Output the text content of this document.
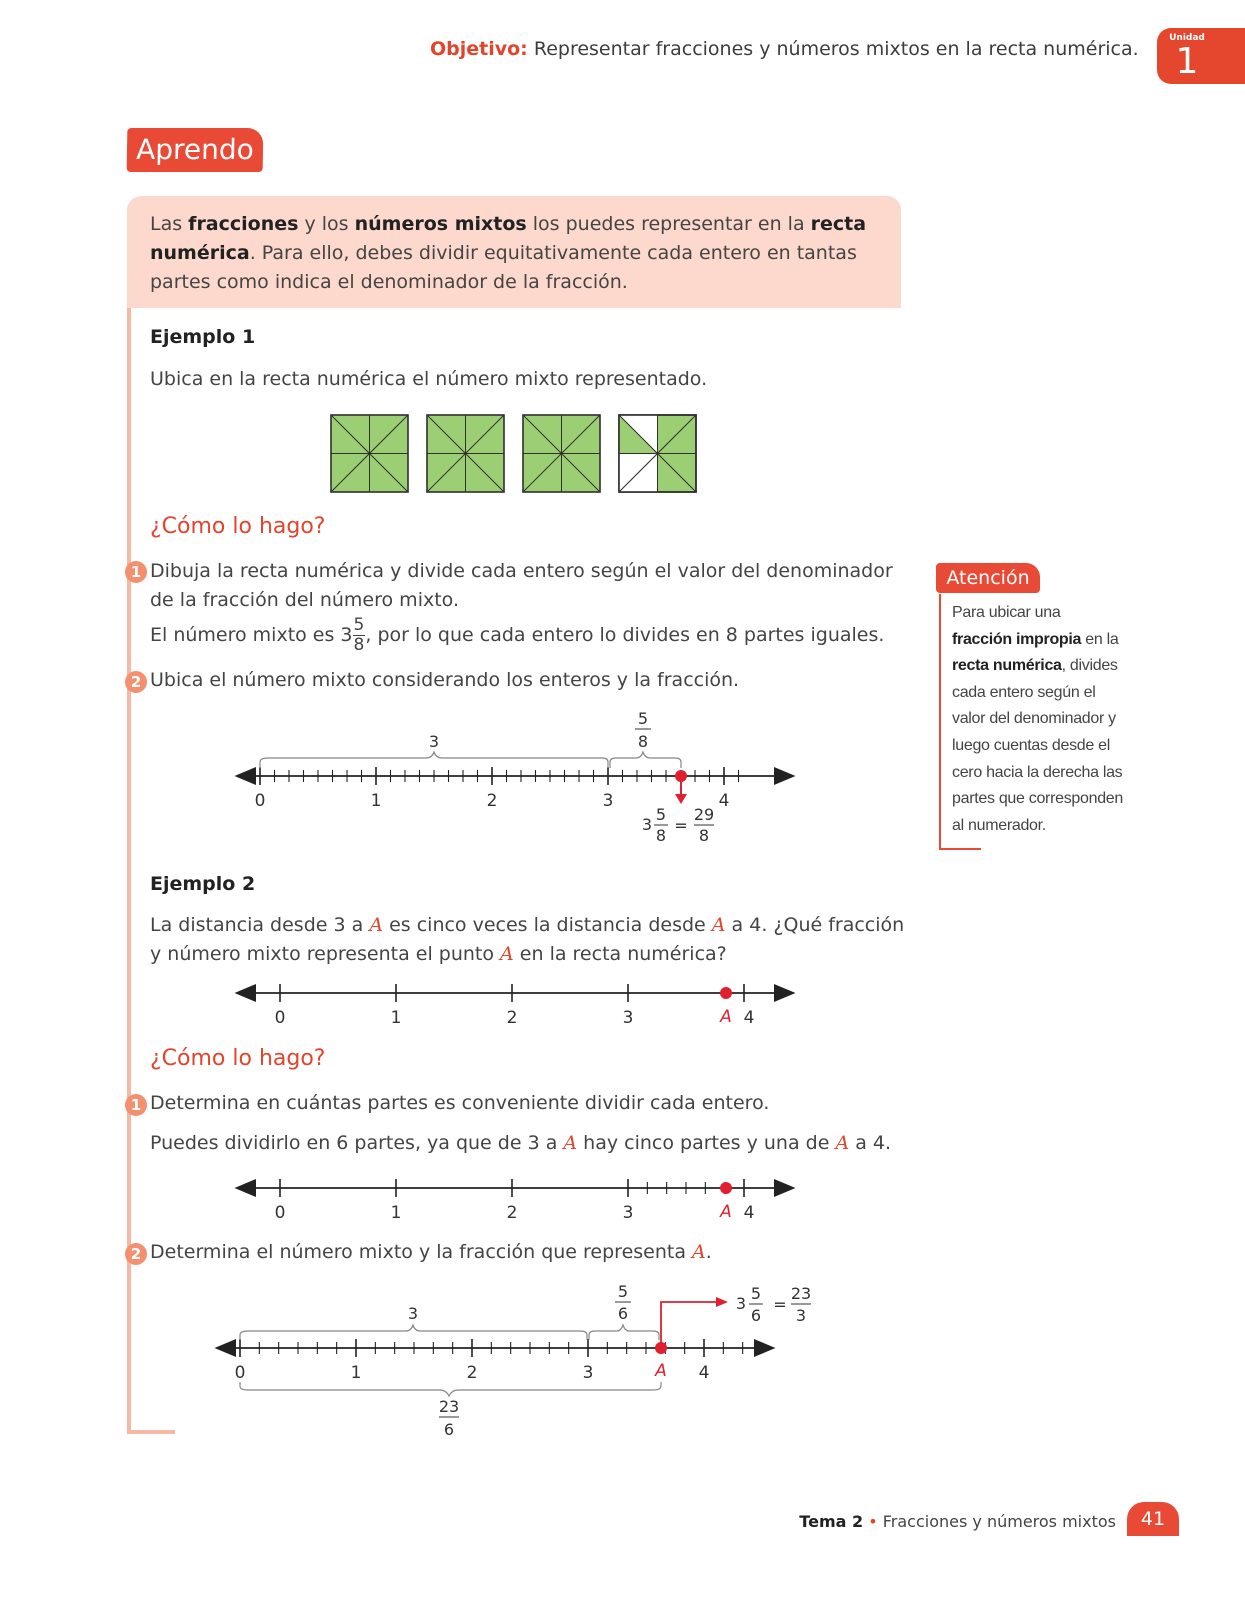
Objetivo: Representar fracciones y números mixtos en la recta numérica.	Unidad
1
Aprendo
Las fracciones y los números mixtos los puedes representar en la recta numérica. Para ello, debes dividir equitativamente cada entero en tantas partes como indica el denominador de la fracción.
Ejemplo 1
Ubica en la recta numérica el número mixto representado.
¿Cómo lo hago?
1 Dibuja la recta numérica y divide cada entero según el valor del denominador de la fracción del número mixto.
El número mixto es $3 \frac{5}{8}$ , por lo que cada entero lo divides en 8 partes iguales.
2 Ubica el número mixto considerando los enteros y la fracción.
3
5
8
0	1	2	3	4
3
5
8
=
29
8
Ejemplo 2
La distancia desde 3 a A es cinco veces la distancia desde A a 4. ¿Qué fracción y número mixto representa el punto A en la recta numérica?
0	1	2	3	4
A
¿Cómo lo hago?
1 Determina en cuántas partes es conveniente dividir cada entero.
Puedes dividirlo en 6 partes, ya que de 3 a A hay cinco partes y una de A a 4.
0	1	2	3	4
A
2 Determina el número mixto y la fracción que representa A.
3
5
6
0	1	2	3	4
A
3
5
6
=
23
3
23
6
Atención
Para ubicar una fracción impropia en la recta numérica, divides cada entero según el valor del denominador y luego cuentas desde el cero hacia la derecha las partes que corresponden al numerador.
Tema 2 • Fracciones y números mixtos	41
